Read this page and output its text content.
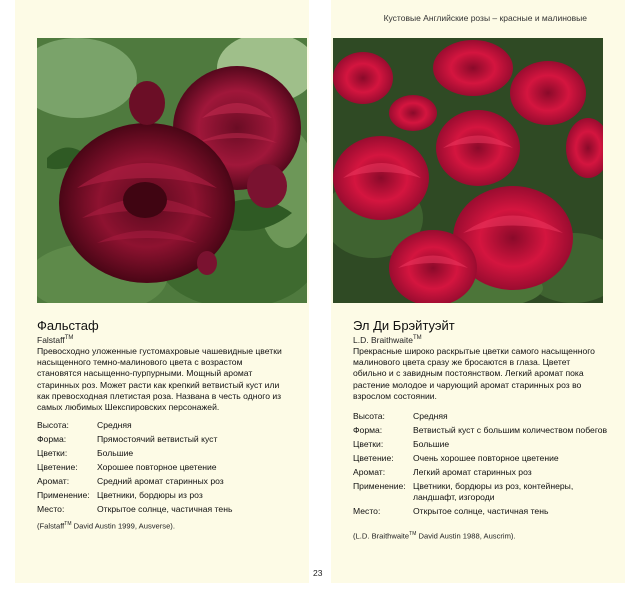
Фальстаф
Falstaff™
Превосходно уложенные густомахровые чашевидные цветки насыщенного темно-малинового цвета с возрастом становятся насыщенно-пурпурными. Мощный аромат старинных роз. Может расти как крепкий ветвистый куст или как превосходная плетистая роза. Названа в честь одного из самых любимых Шекспировских персонажей.
Высота:	Средняя
Форма:	Прямостоячий ветвистый куст
Цветки:	Большие
Цветение:	Хорошее повторное цветение
Аромат:	Средний аромат старинных роз
Применение:	Цветники, бордюры из роз
Место:	Открытое солнце, частичная тень
(Falstaff™ David Austin 1999, Ausverse).
Кустовые Английские розы – красные и малиновые
Эл Ди Брэйтуэйт
L.D. Braithwaite™
Прекрасные широко раскрытые цветки самого насыщенного малинового цвета сразу же бросаются в глаза. Цветет обильно и с завидным постоянством. Легкий аромат пока растение молодое и чарующий аромат старинных роз во взрослом состоянии.
Высота:	Средняя
Форма:	Ветвистый куст с большим количеством побегов
Цветки:	Большие
Цветение:	Очень хорошее повторное цветение
Аромат:	Легкий аромат старинных роз
Применение:	Цветники, бордюры из роз, контейнеры, ландшафт, изгороди
Место:	Открытое солнце, частичная тень
(L.D. Braithwaite™ David Austin 1988, Auscrim).
23
